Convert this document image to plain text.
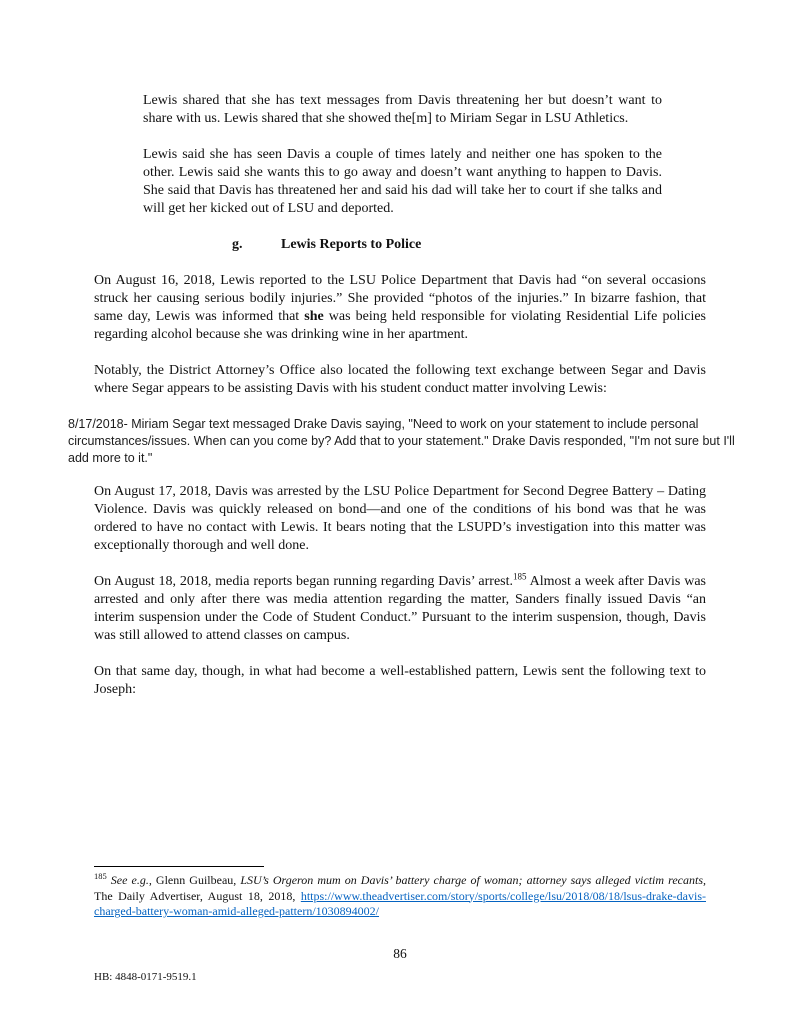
Lewis shared that she has text messages from Davis threatening her but doesn’t want to share with us. Lewis shared that she showed the[m] to Miriam Segar in LSU Athletics.

Lewis said she has seen Davis a couple of times lately and neither one has spoken to the other. Lewis said she wants this to go away and doesn’t want anything to happen to Davis. She said that Davis has threatened her and said his dad will take her to court if she talks and will get her kicked out of LSU and deported.

g.	Lewis Reports to Police

On August 16, 2018, Lewis reported to the LSU Police Department that Davis had “on several occasions struck her causing serious bodily injuries.” She provided “photos of the injuries.” In bizarre fashion, that same day, Lewis was informed that she was being held responsible for violating Residential Life policies regarding alcohol because she was drinking wine in her apartment.

Notably, the District Attorney’s Office also located the following text exchange between Segar and Davis where Segar appears to be assisting Davis with his student conduct matter involving Lewis:

8/17/2018- Miriam Segar text messaged Drake Davis saying, "Need to work on your statement to include personal circumstances/issues. When can you come by? Add that to your statement." Drake Davis responded, "I'm not sure but I'll add more to it."

On August 17, 2018, Davis was arrested by the LSU Police Department for Second Degree Battery – Dating Violence. Davis was quickly released on bond—and one of the conditions of his bond was that he was ordered to have no contact with Lewis. It bears noting that the LSUPD’s investigation into this matter was exceptionally thorough and well done.

On August 18, 2018, media reports began running regarding Davis’ arrest.$^{185}$ Almost a week after Davis was arrested and only after there was media attention regarding the matter, Sanders finally issued Davis “an interim suspension under the Code of Student Conduct.” Pursuant to the interim suspension, though, Davis was still allowed to attend classes on campus.

On that same day, though, in what had become a well-established pattern, Lewis sent the following text to Joseph:

$^{185}$ See e.g., Glenn Guilbeau, LSU’s Orgeron mum on Davis’ battery charge of woman; attorney says alleged victim recants, The Daily Advertiser, August 18, 2018, https://www.theadvertiser.com/story/sports/college/lsu/2018/08/18/lsus-drake-davis-charged-battery-woman-amid-alleged-pattern/1030894002/
86
HB: 4848-0171-9519.1
